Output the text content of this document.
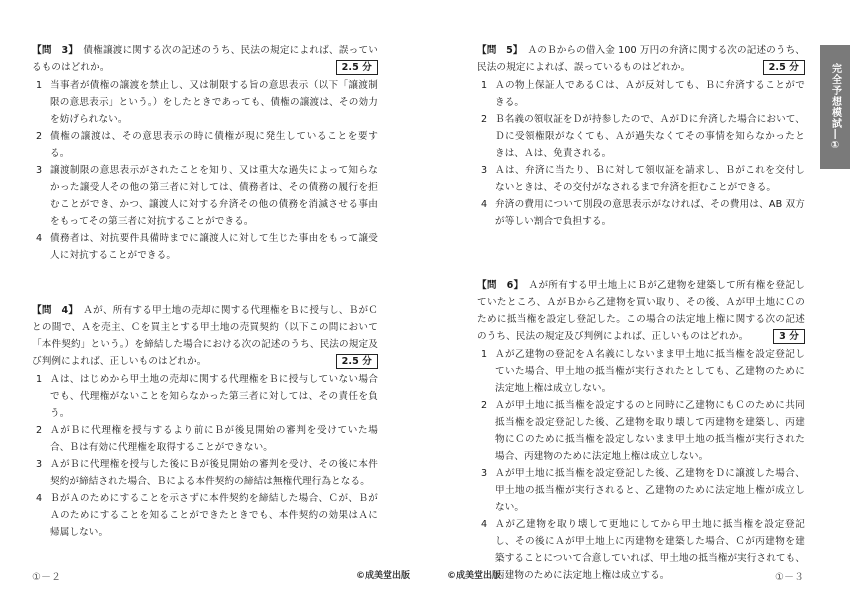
【問　3】　 債権譲渡に関する次の記述のうち、民法の規定によれば、誤っているものはどれか。	2.5 分
1 当事者が債権の譲渡を禁止し、又は制限する旨の意思表示（以下「譲渡制限の意思表示」という。）をしたときであっても、債権の譲渡は、その効力を妨げられない。
2 債権の譲渡は、その意思表示の時に債権が現に発生していることを要する。
3 譲渡制限の意思表示がされたことを知り、又は重大な過失によって知らなかった譲受人その他の第三者に対しては、債務者は、その債務の履行を拒むことができ、かつ、譲渡人に対する弁済その他の債務を消滅させる事由をもってその第三者に対抗することができる。
4 債務者は、対抗要件具備時までに譲渡人に対して生じた事由をもって譲受人に対抗することができる。
【問　4】　 Ａが、所有する甲土地の売却に関する代理権をＢに授与し、ＢがＣとの間で、Ａを売主、Ｃを買主とする甲土地の売買契約（以下この問において「本件契約」という。）を締結した場合における次の記述のうち、民法の規定及び判例によれば、正しいものはどれか。	2.5 分
1 Ａは、はじめから甲土地の売却に関する代理権をＢに授与していない場合でも、代理権がないことを知らなかった第三者に対しては、その責任を負う。
2 ＡがＢに代理権を授与するより前にＢが後見開始の審判を受けていた場合、Ｂは有効に代理権を取得することができない。
3 ＡがＢに代理権を授与した後にＢが後見開始の審判を受け、その後に本件契約が締結された場合、Ｂによる本件契約の締結は無権代理行為となる。
4 ＢがＡのためにすることを示さずに本件契約を締結した場合、Ｃが、ＢがＡのためにすることを知ることができたときでも、本件契約の効果はＡに帰属しない。
【問　5】　 ＡのＢからの借入金 100 万円の弁済に関する次の記述のうち、民法の規定によれば、誤っているものはどれか。	2.5 分
1 Ａの物上保証人であるＣは、Ａが反対しても、Ｂに弁済することができる。
2 Ｂ名義の領収証をＤが持参したので、ＡがＤに弁済した場合において、Ｄに受領権限がなくても、Ａが過失なくてその事情を知らなかったときは、Ａは、免責される。
3 Ａは、弁済に当たり、Ｂに対して領収証を請求し、Ｂがこれを交付しないときは、その交付がなされるまで弁済を拒むことができる。
4 弁済の費用について別段の意思表示がなければ、その費用は、AB 双方が等しい割合で負担する。
【問　6】　 Ａが所有する甲土地上にＢが乙建物を建築して所有権を登記していたところ、ＡがＢから乙建物を買い取り、その後、Ａが甲土地にＣのために抵当権を設定し登記した。この場合の法定地上権に関する次の記述のうち、民法の規定及び判例によれば、正しいものはどれか。	3 分
1 Ａが乙建物の登記をＡ名義にしないまま甲土地に抵当権を設定登記していた場合、甲土地の抵当権が実行されたとしても、乙建物のために法定地上権は成立しない。
2 Ａが甲土地に抵当権を設定するのと同時に乙建物にもＣのために共同抵当権を設定登記した後、乙建物を取り壊して丙建物を建築し、丙建物にＣのために抵当権を設定しないまま甲土地の抵当権が実行された場合、丙建物のために法定地上権は成立しない。
3 Ａが甲土地に抵当権を設定登記した後、乙建物をＤに譲渡した場合、甲土地の抵当権が実行されると、乙建物のために法定地上権が成立しない。
4 Ａが乙建物を取り壊して更地にしてから甲土地に抵当権を設定登記し、その後にＡが甲土地上に丙建物を建築した場合、Ｃが丙建物を建築することについて合意していれば、甲土地の抵当権が実行されても、丙建物のために法定地上権は成立する。
完全予想模試―①
①－２	©成美堂出版	©成美堂出版	①－３
